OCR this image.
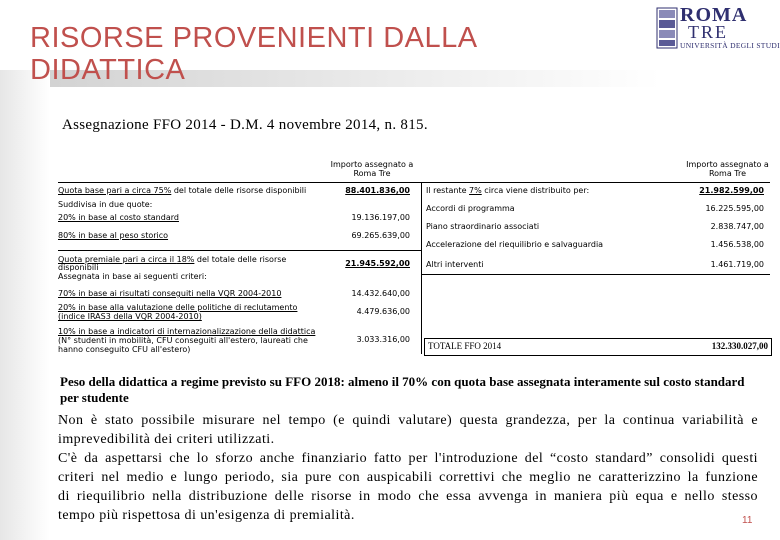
RISORSE PROVENIENTI DALLA DIDATTICA
ROMA
TRE
UNIVERSITÀ DEGLI STUDI
Assegnazione FFO 2014 - D.M. 4 novembre 2014, n. 815.
Importo assegnato a Roma Tre
Importo assegnato a Roma Tre
Quota base pari a circa 75% del totale delle risorse disponibili	88.401.836,00
Suddivisa in due quote:
20% in base al costo standard	19.136.197,00
80% in base al peso storico	69.265.639,00
Quota premiale pari a circa il 18% del totale delle risorse
disponibili	21.945.592,00
Assegnata in base ai seguenti criteri:
70% in base ai risultati conseguiti nella VQR 2004-2010	14.432.640,00
20% in base alla valutazione delle politiche di reclutamento
(indice IRAS3 della VQR 2004-2010)
4.479.636,00
10% in base a indicatori di internazionalizzazione della didattica
(N° studenti in mobilità, CFU conseguiti all'estero, laureati che
hanno conseguito CFU all'estero)
3.033.316,00
Il restante 7% circa viene distribuito per:	21.982.599,00
Accordi di programma	16.225.595,00
Piano straordinario associati	2.838.747,00
Accelerazione del riequilibrio e salvaguardia	1.456.538,00
Altri interventi	1.461.719,00
TOTALE FFO 2014	132.330.027,00
Peso della didattica a regime previsto su FFO 2018: almeno il 70% con quota base assegnata interamente sul costo standard per studente
Non è stato possibile misurare nel tempo (e quindi valutare) questa grandezza, per la continua variabilità e
imprevedibilità dei criteri utilizzati.
C'è da aspettarsi che lo sforzo anche finanziario fatto per l'introduzione del “costo standard” consolidi questi
criteri nel medio e lungo periodo, sia pure con auspicabili correttivi che meglio ne caratterizzino la funzione
di riequilibrio nella distribuzione delle risorse in modo che essa avvenga in maniera più equa e nello stesso
tempo più rispettosa di un'esigenza di premialità.	11
